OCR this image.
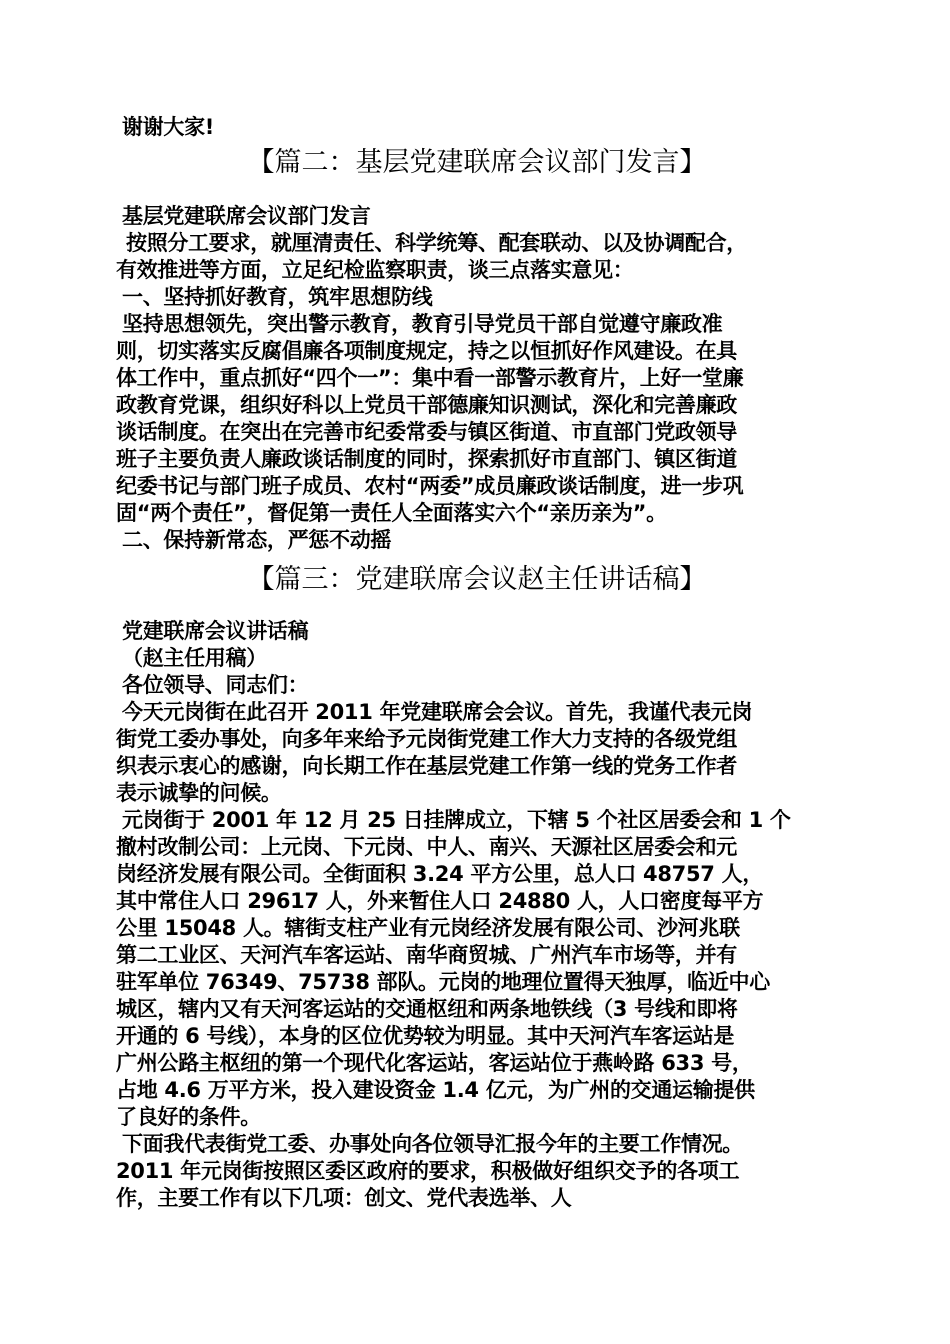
谢谢大家!
【篇二：基层党建联席会议部门发言】
基层党建联席会议部门发言
按照分工要求，就厘清责任、科学统筹、配套联动、以及协调配合，
有效推进等方面，立足纪检监察职责，谈三点落实意见：
一、坚持抓好教育，筑牢思想防线
坚持思想领先，突出警示教育，教育引导党员干部自觉遵守廉政准
则，切实落实反腐倡廉各项制度规定，持之以恒抓好作风建设。在具
体工作中，重点抓好“四个一”：集中看一部警示教育片，上好一堂廉
政教育党课，组织好科以上党员干部德廉知识测试，深化和完善廉政
谈话制度。在突出在完善市纪委常委与镇区街道、市直部门党政领导
班子主要负责人廉政谈话制度的同时，探索抓好市直部门、镇区街道
纪委书记与部门班子成员、农村“两委”成员廉政谈话制度，进一步巩
固“两个责任”，督促第一责任人全面落实六个“亲历亲为”。
二、保持新常态，严惩不动摇
【篇三：党建联席会议赵主任讲话稿】
党建联席会议讲话稿
（赵主任用稿）
各位领导、同志们：
今天元岗街在此召开 2011 年党建联席会会议。首先，我谨代表元岗
街党工委办事处，向多年来给予元岗街党建工作大力支持的各级党组
织表示衷心的感谢，向长期工作在基层党建工作第一线的党务工作者
表示诚挚的问候。
元岗街于 2001 年 12 月 25 日挂牌成立，下辖 5 个社区居委会和 1 个
撤村改制公司：上元岗、下元岗、中人、南兴、天源社区居委会和元
岗经济发展有限公司。全街面积 3.24 平方公里，总人口 48757 人，
其中常住人口 29617 人，外来暂住人口 24880 人，人口密度每平方
公里 15048 人。辖街支柱产业有元岗经济发展有限公司、沙河兆联
第二工业区、天河汽车客运站、南华商贸城、广州汽车市场等，并有
驻军单位 76349、75738 部队。元岗的地理位置得天独厚，临近中心
城区，辖内又有天河客运站的交通枢纽和两条地铁线（3 号线和即将
开通的 6 号线），本身的区位优势较为明显。其中天河汽车客运站是
广州公路主枢纽的第一个现代化客运站，客运站位于燕岭路 633 号，
占地 4.6 万平方米，投入建设资金 1.4 亿元，为广州的交通运输提供
了良好的条件。
下面我代表街党工委、办事处向各位领导汇报今年的主要工作情况。
2011 年元岗街按照区委区政府的要求，积极做好组织交予的各项工
作，主要工作有以下几项：创文、党代表选举、人
